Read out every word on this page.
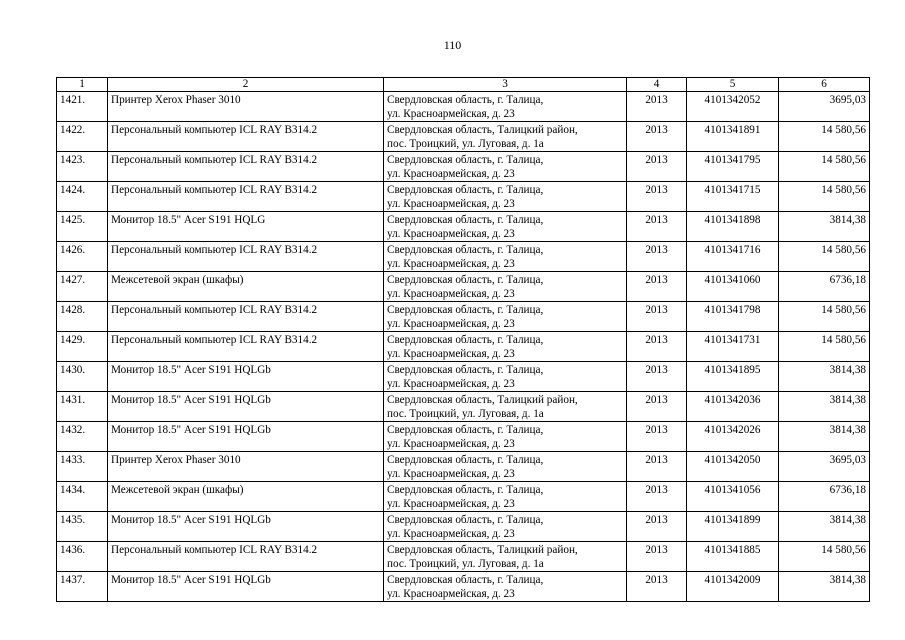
110
1	2	3	4	5	6
1421.	Принтер Xerox Phaser 3010	Свердловская область, г. Талица,
ул. Красноармейская, д. 23	2013	4101342052	3695,03
1422.	Персональный компьютер ICL RAY B314.2	Свердловская область, Талицкий район,
пос. Троицкий, ул. Луговая, д. 1а	2013	4101341891	14 580,56
1423.	Персональный компьютер ICL RAY B314.2	Свердловская область, г. Талица,
ул. Красноармейская, д. 23	2013	4101341795	14 580,56
1424.	Персональный компьютер ICL RAY B314.2	Свердловская область, г. Талица,
ул. Красноармейская, д. 23	2013	4101341715	14 580,56
1425.	Монитор 18.5" Acer S191 HQLG	Свердловская область, г. Талица,
ул. Красноармейская, д. 23	2013	4101341898	3814,38
1426.	Персональный компьютер ICL RAY B314.2	Свердловская область, г. Талица,
ул. Красноармейская, д. 23	2013	4101341716	14 580,56
1427.	Межсетевой экран (шкафы)	Свердловская область, г. Талица,
ул. Красноармейская, д. 23	2013	4101341060	6736,18
1428.	Персональный компьютер ICL RAY B314.2	Свердловская область, г. Талица,
ул. Красноармейская, д. 23	2013	4101341798	14 580,56
1429.	Персональный компьютер ICL RAY B314.2	Свердловская область, г. Талица,
ул. Красноармейская, д. 23	2013	4101341731	14 580,56
1430.	Монитор 18.5" Acer S191 HQLGb	Свердловская область, г. Талица,
ул. Красноармейская, д. 23	2013	4101341895	3814,38
1431.	Монитор 18.5" Acer S191 HQLGb	Свердловская область, Талицкий район,
пос. Троицкий, ул. Луговая, д. 1а	2013	4101342036	3814,38
1432.	Монитор 18.5" Acer S191 HQLGb	Свердловская область, г. Талица,
ул. Красноармейская, д. 23	2013	4101342026	3814,38
1433.	Принтер Xerox Phaser 3010	Свердловская область, г. Талица,
ул. Красноармейская, д. 23	2013	4101342050	3695,03
1434.	Межсетевой экран (шкафы)	Свердловская область, г. Талица,
ул. Красноармейская, д. 23	2013	4101341056	6736,18
1435.	Монитор 18.5" Acer S191 HQLGb	Свердловская область, г. Талица,
ул. Красноармейская, д. 23	2013	4101341899	3814,38
1436.	Персональный компьютер ICL RAY B314.2	Свердловская область, Талицкий район,
пос. Троицкий, ул. Луговая, д. 1а	2013	4101341885	14 580,56
1437.	Монитор 18.5" Acer S191 HQLGb	Свердловская область, г. Талица,
ул. Красноармейская, д. 23	2013	4101342009	3814,38
